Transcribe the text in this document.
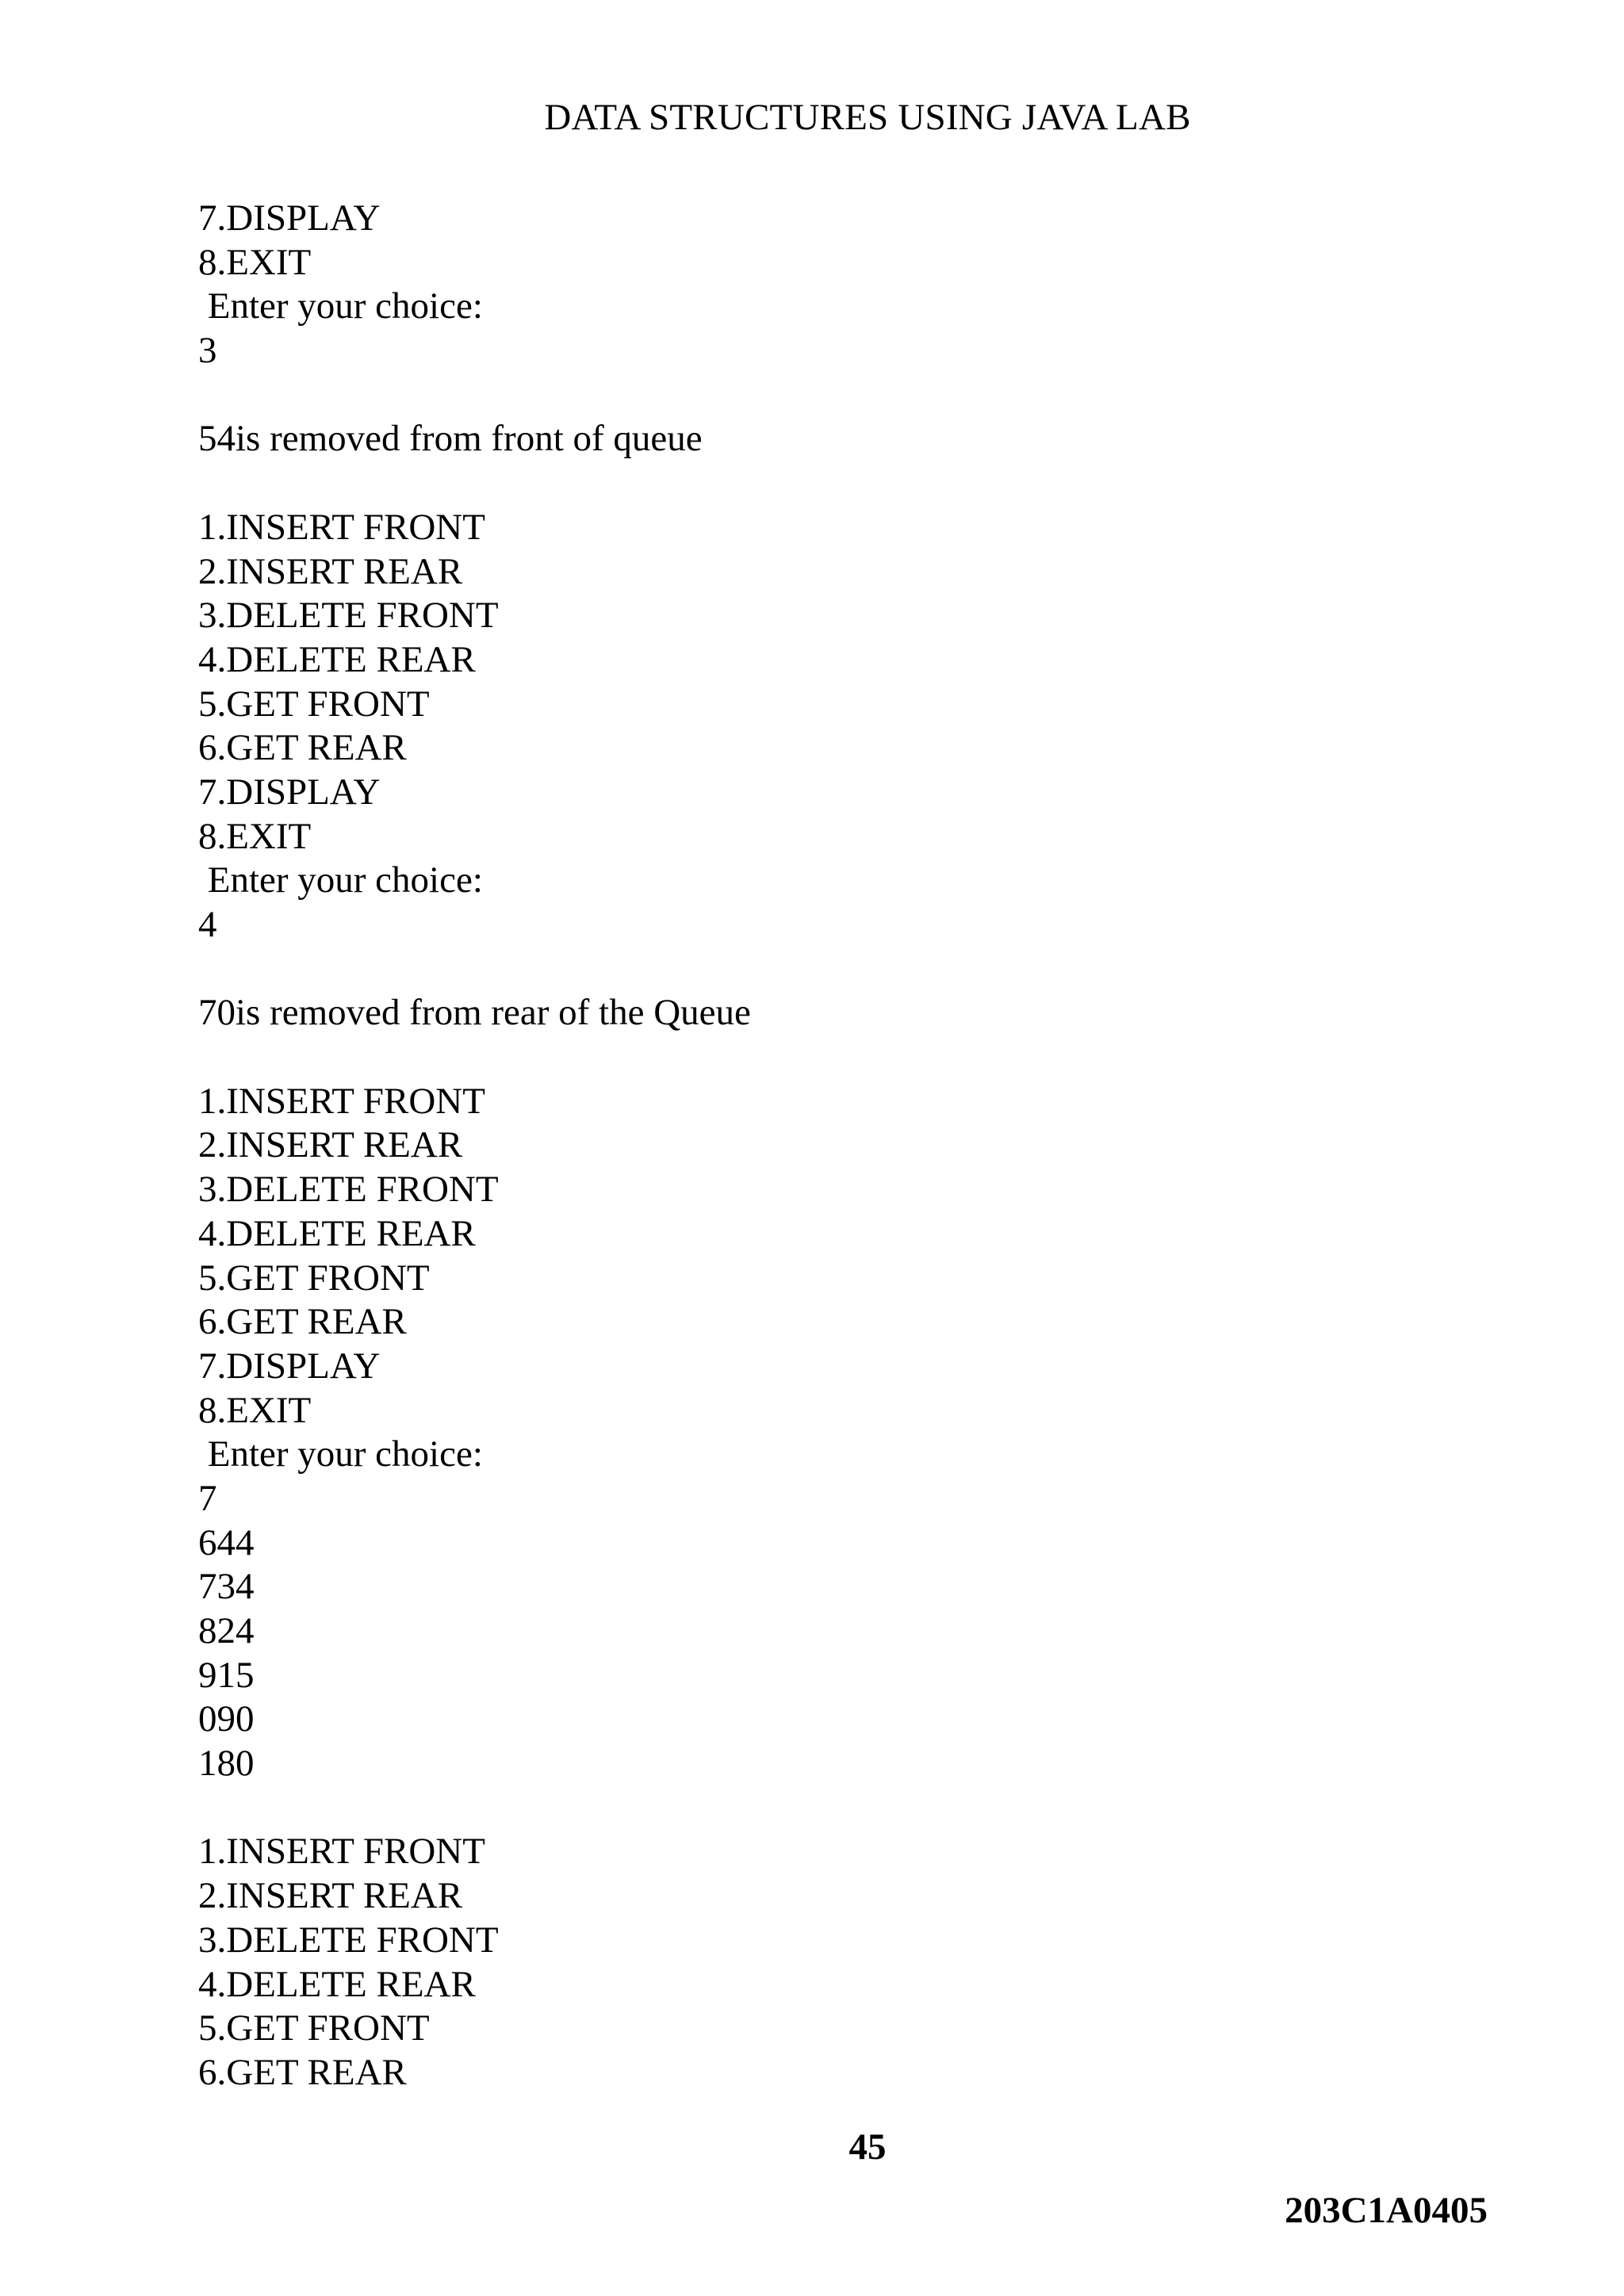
DATA STRUCTURES USING JAVA LAB
7.DISPLAY
8.EXIT
Enter your choice:
3
54is removed from front of queue
1.INSERT FRONT
2.INSERT REAR
3.DELETE FRONT
4.DELETE REAR
5.GET FRONT
6.GET REAR
7.DISPLAY
8.EXIT
Enter your choice:
4
70is removed from rear of the Queue
1.INSERT FRONT
2.INSERT REAR
3.DELETE FRONT
4.DELETE REAR
5.GET FRONT
6.GET REAR
7.DISPLAY
8.EXIT
Enter your choice:
7
644
734
824
915
090
180
1.INSERT FRONT
2.INSERT REAR
3.DELETE FRONT
4.DELETE REAR
5.GET FRONT
6.GET REAR
45
203C1A0405
